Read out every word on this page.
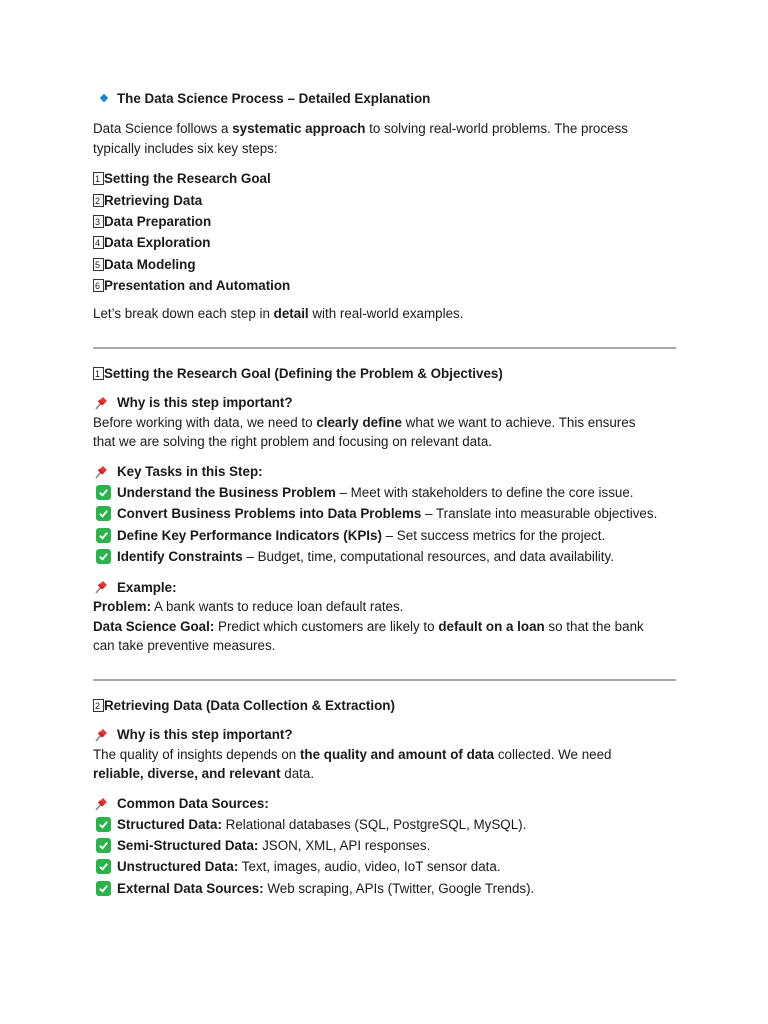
The Data Science Process – Detailed Explanation
Data Science follows a systematic approach to solving real-world problems. The process
typically includes six key steps:
1 Setting the Research Goal
2 Retrieving Data
3 Data Preparation
4 Data Exploration
5 Data Modeling
6 Presentation and Automation
Let’s break down each step in detail with real-world examples.
1 Setting the Research Goal (Defining the Problem & Objectives)
Why is this step important?
Before working with data, we need to clearly define what we want to achieve. This ensures
that we are solving the right problem and focusing on relevant data.
Key Tasks in this Step:
Understand the Business Problem – Meet with stakeholders to define the core issue.
Convert Business Problems into Data Problems – Translate into measurable objectives.
Define Key Performance Indicators (KPIs) – Set success metrics for the project.
Identify Constraints – Budget, time, computational resources, and data availability.
Example:
Problem: A bank wants to reduce loan default rates.
Data Science Goal: Predict which customers are likely to default on a loan so that the bank
can take preventive measures.
2 Retrieving Data (Data Collection & Extraction)
Why is this step important?
The quality of insights depends on the quality and amount of data collected. We need
reliable, diverse, and relevant data.
Common Data Sources:
Structured Data: Relational databases (SQL, PostgreSQL, MySQL).
Semi-Structured Data: JSON, XML, API responses.
Unstructured Data: Text, images, audio, video, IoT sensor data.
External Data Sources: Web scraping, APIs (Twitter, Google Trends).
